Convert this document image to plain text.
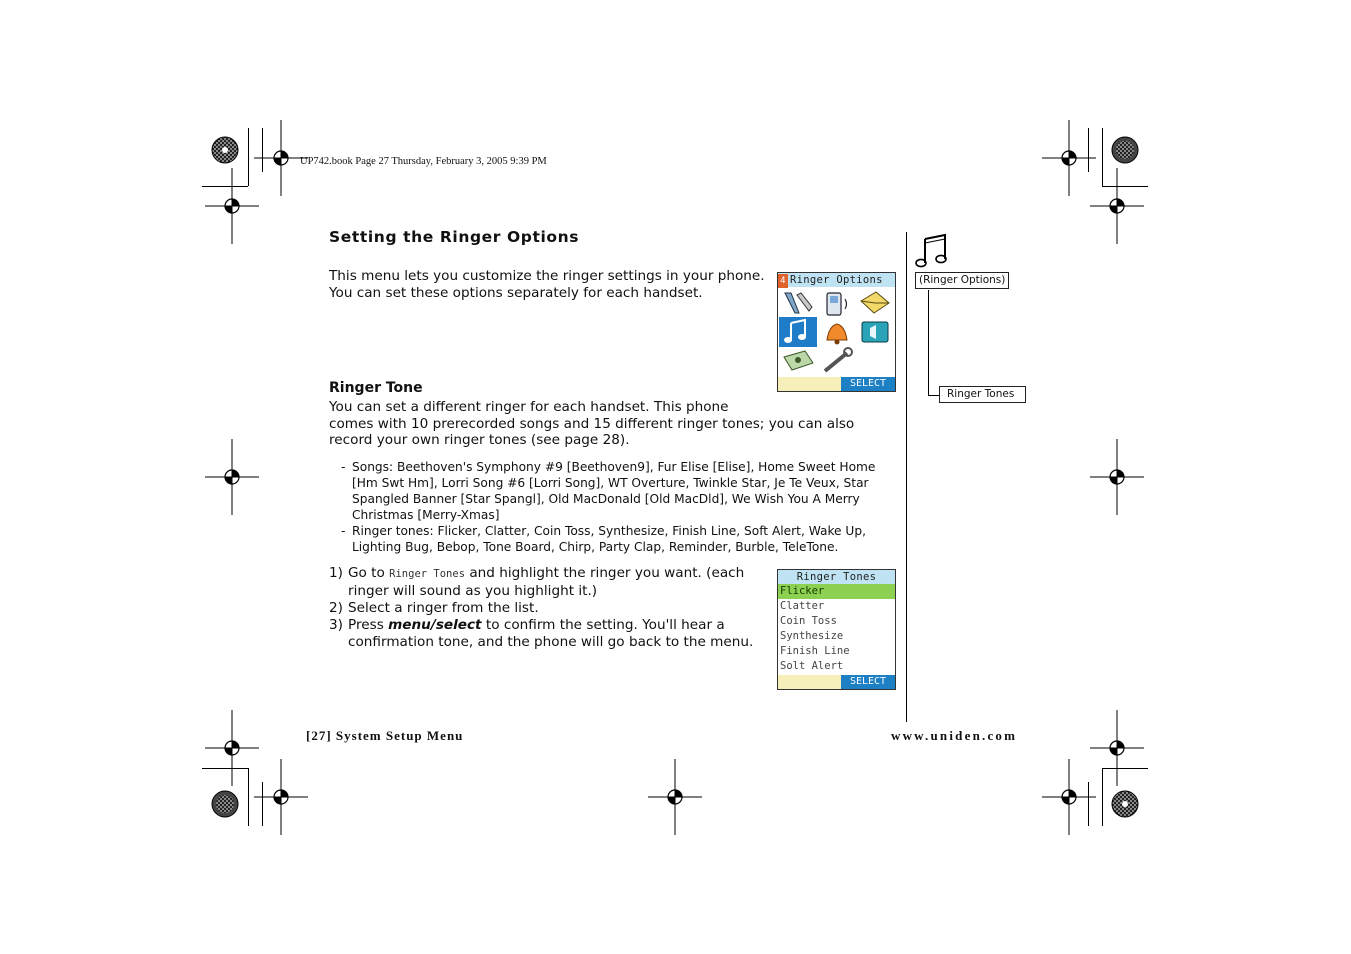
UP742.book Page 27 Thursday, February 3, 2005 9:39 PM
Setting the Ringer Options
This menu lets you customize the ringer settings in your phone. You can set these options separately for each handset.
Ringer Tone
You can set a different ringer for each handset. This phone
comes with 10 prerecorded songs and 15 different ringer tones; you can also record your own ringer tones (see page 28).
- Songs: Beethoven's Symphony #9 [Beethoven9], Fur Elise [Elise], Home Sweet Home [Hm Swt Hm], Lorri Song #6 [Lorri Song], WT Overture, Twinkle Star, Je Te Veux, Star Spangled Banner [Star Spangl], Old MacDonald [Old MacDld], We Wish You A Merry Christmas [Merry-Xmas]
- Ringer tones: Flicker, Clatter, Coin Toss, Synthesize, Finish Line, Soft Alert, Wake Up, Lighting Bug, Bebop, Tone Board, Chirp, Party Clap, Reminder, Burble, TeleTone.
1) Go to Ringer Tones and highlight the ringer you want. (each ringer will sound as you highlight it.)
2) Select a ringer from the list.
3) Press menu/select to confirm the setting. You'll hear a confirmation tone, and the phone will go back to the menu.
4 Ringer Options
SELECT
Ringer Tones
Flicker
Clatter
Coin Toss
Synthesize
Finish Line
Solt Alert
SELECT
(Ringer Options)
Ringer Tones
[27] System Setup Menu	www.uniden.com
